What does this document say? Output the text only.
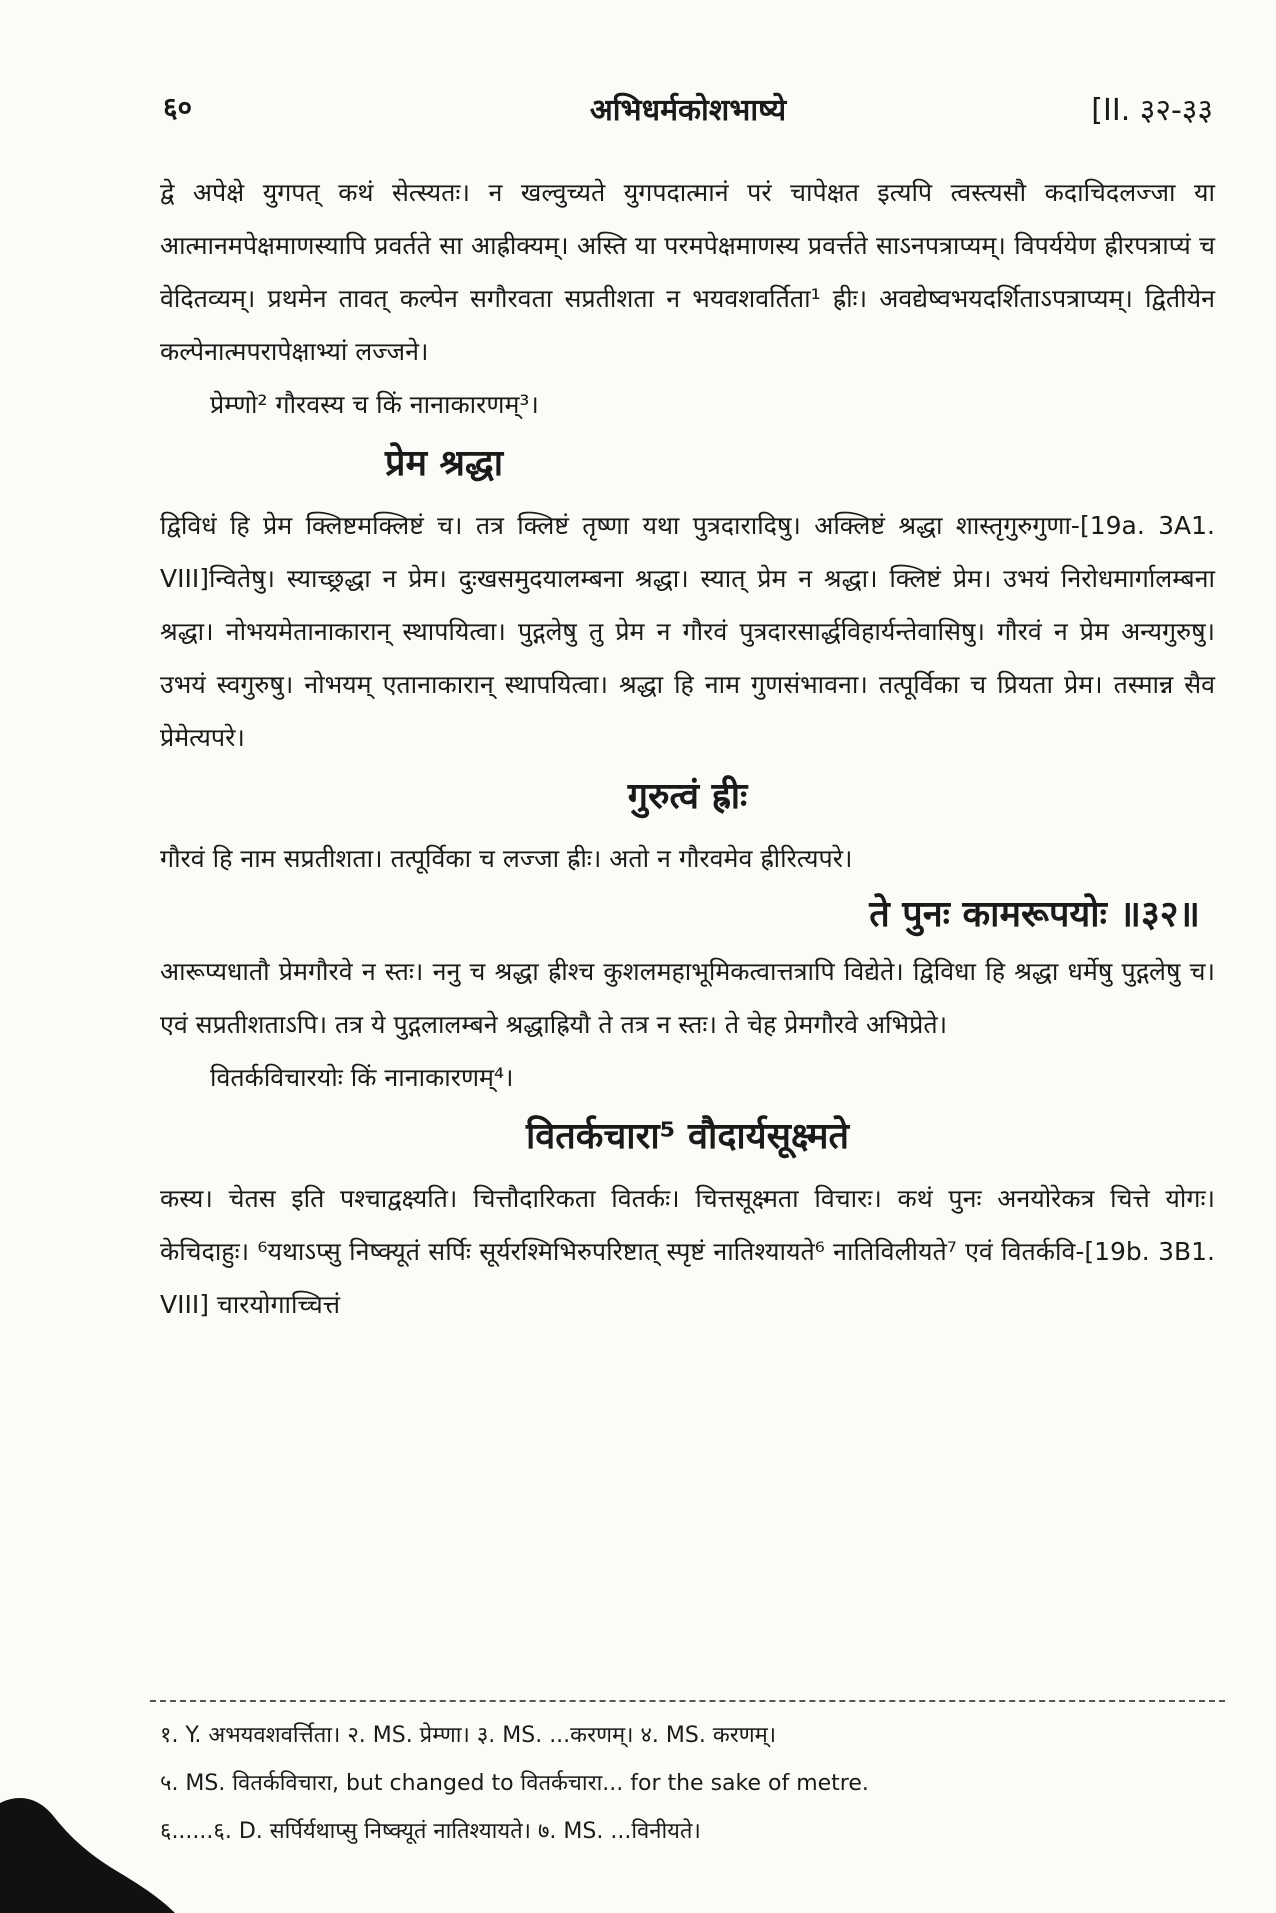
६०	अभिधर्मकोशभाष्ये	[II. ३२-३३

द्वे अपेक्षे युगपत् कथं सेत्स्यतः। न खल्वुच्यते युगपदात्मानं परं चापेक्षत इत्यपि त्वस्त्यसौ कदाचिदलज्जा या आत्मानमपेक्षमाणस्यापि प्रवर्तते सा आह्रीक्यम्। अस्ति या परमपेक्षमाणस्य प्रवर्त्तते साऽनपत्राप्यम्। विपर्ययेण ह्रीरपत्राप्यं च वेदितव्यम्। प्रथमेन तावत् कल्पेन सगौरवता सप्रतीशता न भयवशवर्तिता¹ ह्रीः। अवद्येष्वभयदर्शिताऽपत्राप्यम्। द्वितीयेन कल्पेनात्मपरापेक्षाभ्यां लज्जने।

प्रेम्णो² गौरवस्य च किं नानाकारणम्³।

प्रेम श्रद्धा

द्विविधं हि प्रेम क्लिष्टमक्लिष्टं च। तत्र क्लिष्टं तृष्णा यथा पुत्रदारादिषु। अक्लिष्टं श्रद्धा शास्तृगुरुगुणा-[19a. 3A1. VIII]न्वितेषु। स्याच्छ्रद्धा न प्रेम। दुःखसमुदयालम्बना श्रद्धा। स्यात् प्रेम न श्रद्धा। क्लिष्टं प्रेम। उभयं निरोधमार्गालम्बना श्रद्धा। नोभयमेतानाकारान् स्थापयित्वा। पुद्गलेषु तु प्रेम न गौरवं पुत्रदारसार्द्धविहार्यन्तेवासिषु। गौरवं न प्रेम अन्यगुरुषु। उभयं स्वगुरुषु। नोभयम् एतानाकारान् स्थापयित्वा। श्रद्धा हि नाम गुणसंभावना। तत्पूर्विका च प्रियता प्रेम। तस्मान्न सैव प्रेमेत्यपरे।

गुरुत्वं ह्रीः

गौरवं हि नाम सप्रतीशता। तत्पूर्विका च लज्जा ह्रीः। अतो न गौरवमेव ह्रीरित्यपरे।

ते पुनः कामरूपयोः ॥३२॥

आरूप्यधातौ प्रेमगौरवे न स्तः। ननु च श्रद्धा ह्रीश्च कुशलमहाभूमिकत्वात्तत्रापि विद्येते। द्विविधा हि श्रद्धा धर्मेषु पुद्गलेषु च। एवं सप्रतीशताऽपि। तत्र ये पुद्गलालम्बने श्रद्धाह्रियौ ते तत्र न स्तः। ते चेह प्रेमगौरवे अभिप्रेते।

वितर्कविचारयोः किं नानाकारणम्⁴।

वितर्कचारा⁵ वौदार्यसूक्ष्मते

कस्य। चेतस इति पश्चाद्वक्ष्यति। चित्तौदारिकता वितर्कः। चित्तसूक्ष्मता विचारः। कथं पुनः अनयोरेकत्र चित्ते योगः। केचिदाहुः। ⁶यथाऽप्सु निष्क्यूतं सर्पिः सूर्यरश्मिभिरुपरिष्टात् स्पृष्टं नातिश्यायते⁶ नातिविलीयते⁷ एवं वितर्कवि-[19b. 3B1. VIII] चारयोगाच्चित्तं

१. Y. अभयवशवर्त्तिता। २. MS. प्रेम्णा। ३. MS. ...करणम्। ४. MS. करणम्।

५. MS. वितर्कविचारा, but changed to वितर्कचारा... for the sake of metre.

६......६. D. सर्पिर्यथाप्सु निष्क्यूतं नातिश्यायते। ७. MS. ...विनीयते।
